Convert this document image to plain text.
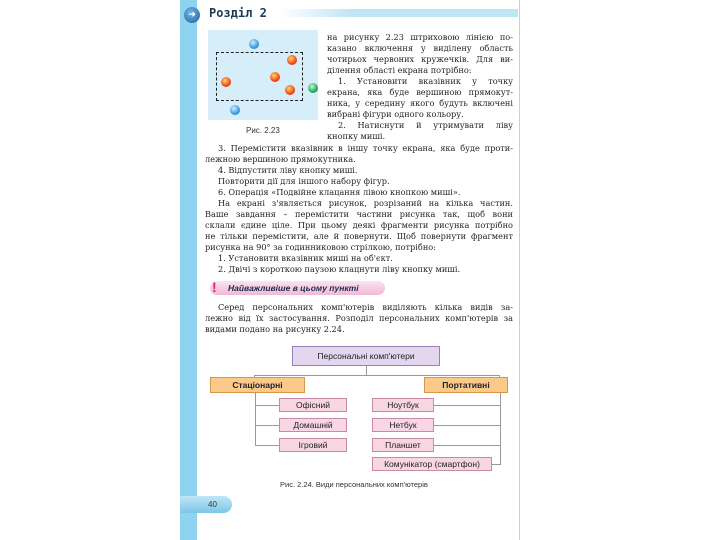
➜	Розділ 2
Рис. 2.23
на рисунку 2.23 штриховою лінією по-
казано включення у виділену область
чотирьох червоних кружечків. Для ви-
ділення області екрана потрібно:
1. Установити вказівник у точку
екрана, яка буде вершиною прямокут-
ника, у середину якого будуть включені
вибрані фігури одного кольору.
2. Натиснути й утримувати ліву
кнопку миші.
3. Перемістити вказівник в іншу точку екрана, яка буде проти-
лежною вершиною прямокутника.
4. Відпустити ліву кнопку миші.
Повторити дії для іншого набору фігур.
6. Операція «Подвійне клацання лівою кнопкою миші».
На екрані з'являється рисунок, розрізаний на кілька частин.
Ваше завдання – перемістити частини рисунка так, щоб вони
склали єдине ціле. При цьому деякі фрагменти рисунка потрібно
не тільки перемістити, але й повернути. Щоб повернути фрагмент
рисунка на 90° за годинниковою стрілкою, потрібно:
1. Установити вказівник миші на об'єкт.
2. Двічі з короткою паузою клацнути ліву кнопку миші.
! Найважливіше в цьому пункті
Серед персональних комп'ютерів виділяють кілька видів за-
лежно від їх застосування. Розподіл персональних комп'ютерів за
видами подано на рисунку 2.24.
Персональні комп'ютери
Стаціонарні	Портативні
Офісний
Домашній
Ігровий
Ноутбук
Нетбук
Планшет
Комунікатор (смартфон)
Рис. 2.24. Види персональних комп'ютерів
40
